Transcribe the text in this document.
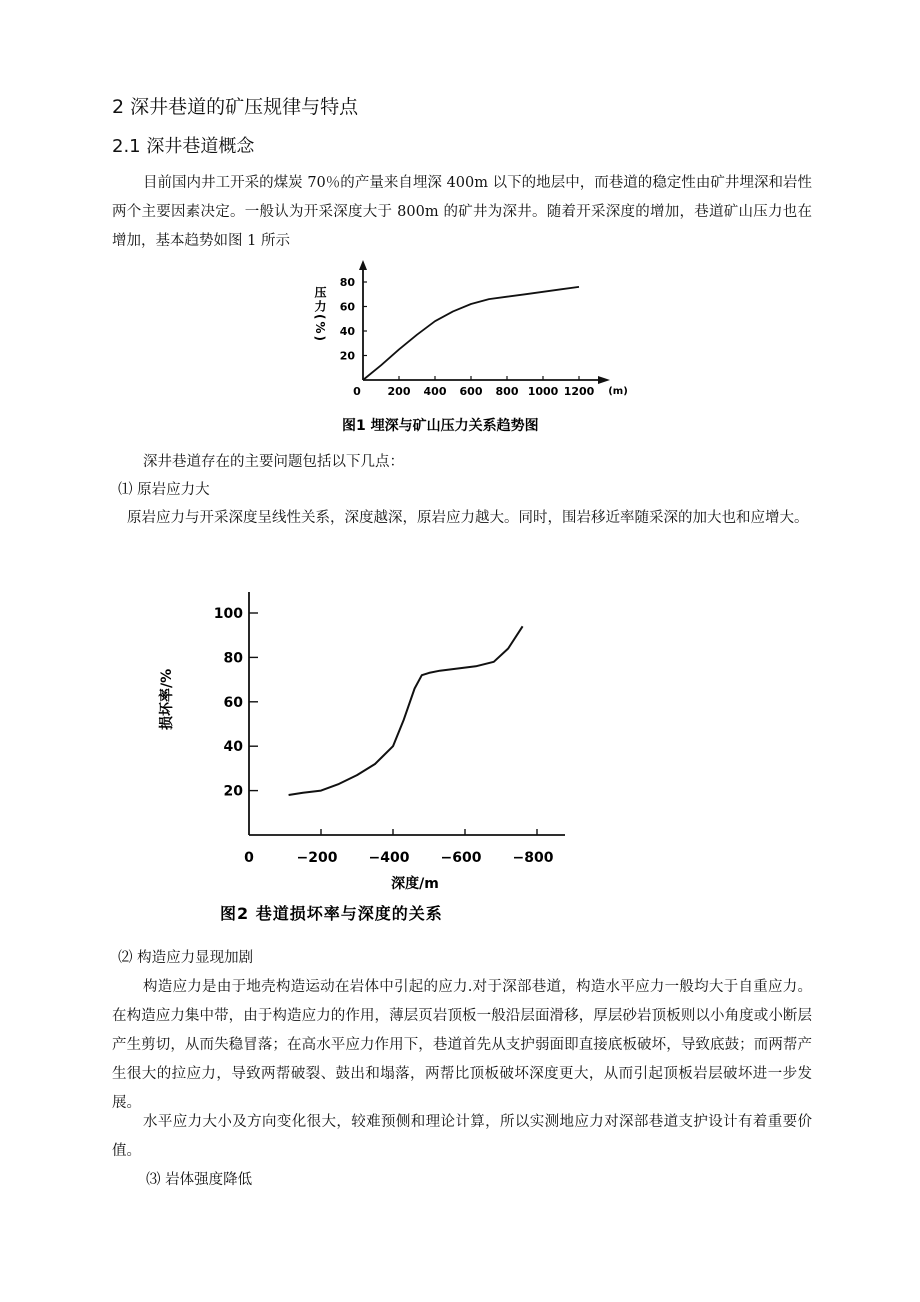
2 深井巷道的矿压规律与特点
2.1 深井巷道概念
目前国内井工开采的煤炭 70％的产量来自埋深 400m 以下的地层中，而巷道的稳定性由矿井埋深和岩性两个主要因素决定。一般认为开采深度大于 800m 的矿井为深井。随着开采深度的增加，巷道矿山压力也在增加，基本趋势如图 1 所示
0 200 400 600 800 1000 1200 (m)
20
40
60
80
压力(%)
图1 埋深与矿山压力关系趋势图
深井巷道存在的主要问题包括以下几点：
⑴ 原岩应力大
原岩应力与开采深度呈线性关系，深度越深，原岩应力越大。同时，围岩移近率随采深的加大也和应增大。
0	−200 −400 −600 −800
20
40
60
80
100
损坏率/%
深度/m
图2 巷道损坏率与深度的关系
⑵ 构造应力显现加剧
构造应力是由于地壳构造运动在岩体中引起的应力.对于深部巷道，构造水平应力一般均大于自重应力。在构造应力集中带，由于构造应力的作用，薄层页岩顶板一般沿层面滑移，厚层砂岩顶板则以小角度或小断层产生剪切，从而失稳冒落；在高水平应力作用下，巷道首先从支护弱面即直接底板破坏，导致底鼓；而两帮产生很大的拉应力，导致两帮破裂、鼓出和塌落，两帮比顶板破坏深度更大，从而引起顶板岩层破坏进一步发展。
水平应力大小及方向变化很大，较难预侧和理论计算，所以实测地应力对深部巷道支护设计有着重要价值。
⑶ 岩体强度降低
